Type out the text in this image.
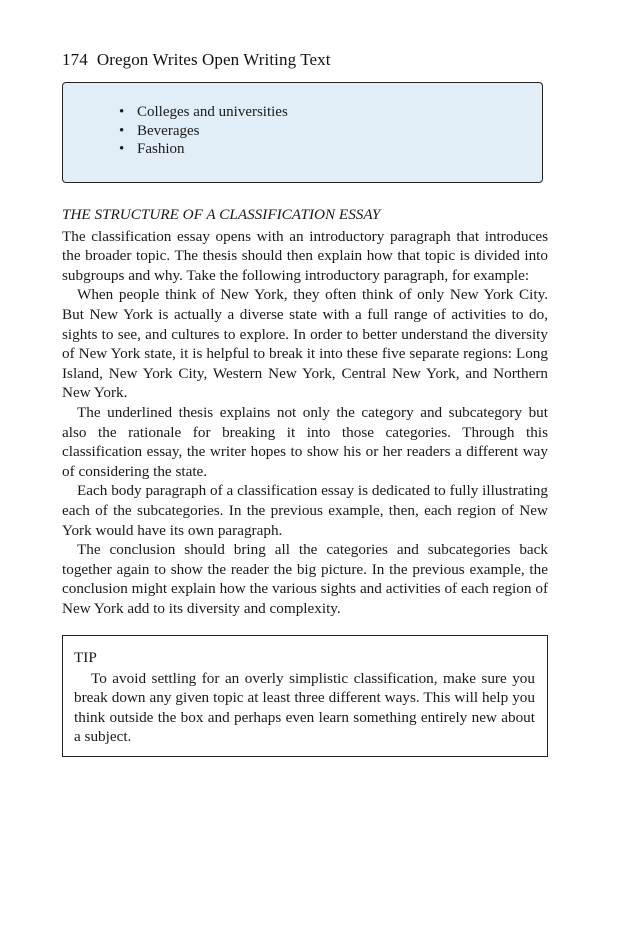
174 Oregon Writes Open Writing Text
• Colleges and universities
• Beverages
• Fashion

THE STRUCTURE OF A CLASSIFICATION ESSAY

The classification essay opens with an introductory paragraph that introduces the broader topic. The thesis should then explain how that topic is divided into subgroups and why. Take the following introductory paragraph, for example:

When people think of New York, they often think of only New York City. But New York is actually a diverse state with a full range of activities to do, sights to see, and cultures to explore. In order to better understand the diversity of New York state, it is helpful to break it into these five separate regions: Long Island, New York City, Western New York, Central New York, and Northern New York.

The underlined thesis explains not only the category and subcategory but also the rationale for breaking it into those categories. Through this classification essay, the writer hopes to show his or her readers a different way of considering the state.

Each body paragraph of a classification essay is dedicated to fully illustrating each of the subcategories. In the previous example, then, each region of New York would have its own paragraph.

The conclusion should bring all the categories and subcategories back together again to show the reader the big picture. In the previous example, the conclusion might explain how the various sights and activities of each region of New York add to its diversity and complexity.

TIP

To avoid settling for an overly simplistic classification, make sure you break down any given topic at least three different ways. This will help you think outside the box and perhaps even learn something entirely new about a subject.
